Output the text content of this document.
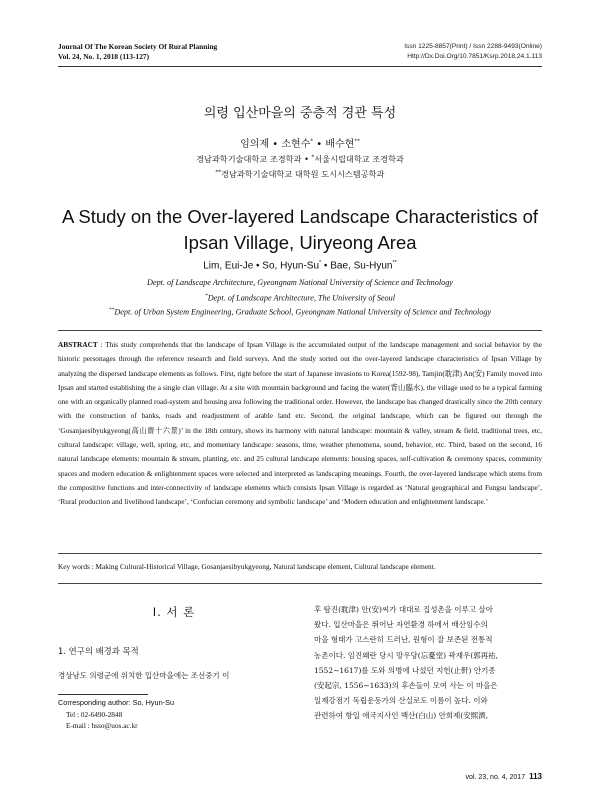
Journal Of The Korean Society Of Rural Planning
Vol. 24, No. 1, 2018 (113-127)
Issn 1225-8857(Print) / Issn 2288-9493(Online)
Http://Dx.Doi.Org/10.7851/Ksrp.2018.24.1.113
의령 입산마을의 중층적 경관 특성
임의제 • 소현수* • 배수현**
경남과학기술대학교 조경학과 • *서울시립대학교 조경학과
**경남과학기술대학교 대학원 도시시스템공학과
A Study on the Over-layered Landscape Characteristics of
Ipsan Village, Uiryeong Area
Lim, Eui-Je • So, Hyun-Su* • Bae, Su-Hyun**
Dept. of Landscape Architecture, Gyeongnam National University of Science and Technology
*Dept. of Landscape Architecture, The University of Seoul
**Dept. of Urban System Engineering, Graduate School, Gyeongnam National University of Science and Technology
ABSTRACT : This study comprehends that the landscape of Ipsan Village is the accumulated output of the landscape management and social behavior by the historic personages through the reference research and field surveys. And the study sorted out the over-layered landscape characteristics of Ipsan Village by analyzing the dispersed landscape elements as follows. First, right before the start of Japanese invasions to Korea(1592-98), Tamjin(耽津) An(安) Family moved into Ipsan and started establishing the a single clan village. At a site with mountain background and facing the water(背山臨水), the village used to be a typical farming one with an organically planned road-system and housing area following the traditional order. However, the landscape has changed drastically since the 20th century with the construction of banks, roads and readjustment of arable land etc. Second, the original landscape, which can be figured out through the ‘Gosanjaesibyukgyeong(高山齋十六景)’ in the 18th century, shows its harmony with natural landscape: mountain & valley, stream & field, traditional trees, etc, cultural landscape: village, well, spring, etc, and momentary landscape: seasons, time, weather phenomena, sound, behavior, etc. Third, based on the second, 16 natural landscape elements: mountain & stream, planting, etc. and 25 cultural landscape elements: housing spaces, self-cultivation & ceremony spaces, community spaces and modern education & enlightenment spaces were selected and interpreted as landscaping meanings. Fourth, the over-layered landscape which stems from the compositive functions and inter-connectivity of landscape elements which consists Ipsan Village is regarded as ‘Natural geographical and Fungsu landscape’, ‘Rural production and livelihood landscape’, ‘Confucian ceremony and symbolic landscape’ and ‘Modern education and enlightenment landscape.’
Key words : Making Cultural-Historical Village, Gosanjaesibyukgyeong, Natural landscape element, Cultural landscape element.
I. 서 론
1. 연구의 배경과 목적
경상남도 의령군에 위치한 입산마을에는 조선중기 이
Corresponding author: So, Hyun-Su
Tel : 02-6490-2848
E-mail : hsso@uos.ac.kr
후 탐진(耽津) 안(安)씨가 대대로 집성촌을 이루고 살아
왔다. 입산마을은 뛰어난 자연환경 하에서 배산임수의
마을 형태가 고스란히 드러난, 원형이 잘 보존된 전통적
농촌이다. 임진왜란 당시 망우당(忘憂堂) 곽재우(郭再祐,
1552∼1617)를 도와 의병에 나섰던 지헌(止軒) 안기종
(安起宗, 1556∼1633)의 후손들이 모여 사는 이 마을은
일제강점기 독립운동가의 산실로도 이름이 높다. 이와
관련하여 항일 애국지사인 백산(白山) 안희제(安熙濟,
vol. 23, no. 4, 2017 113
